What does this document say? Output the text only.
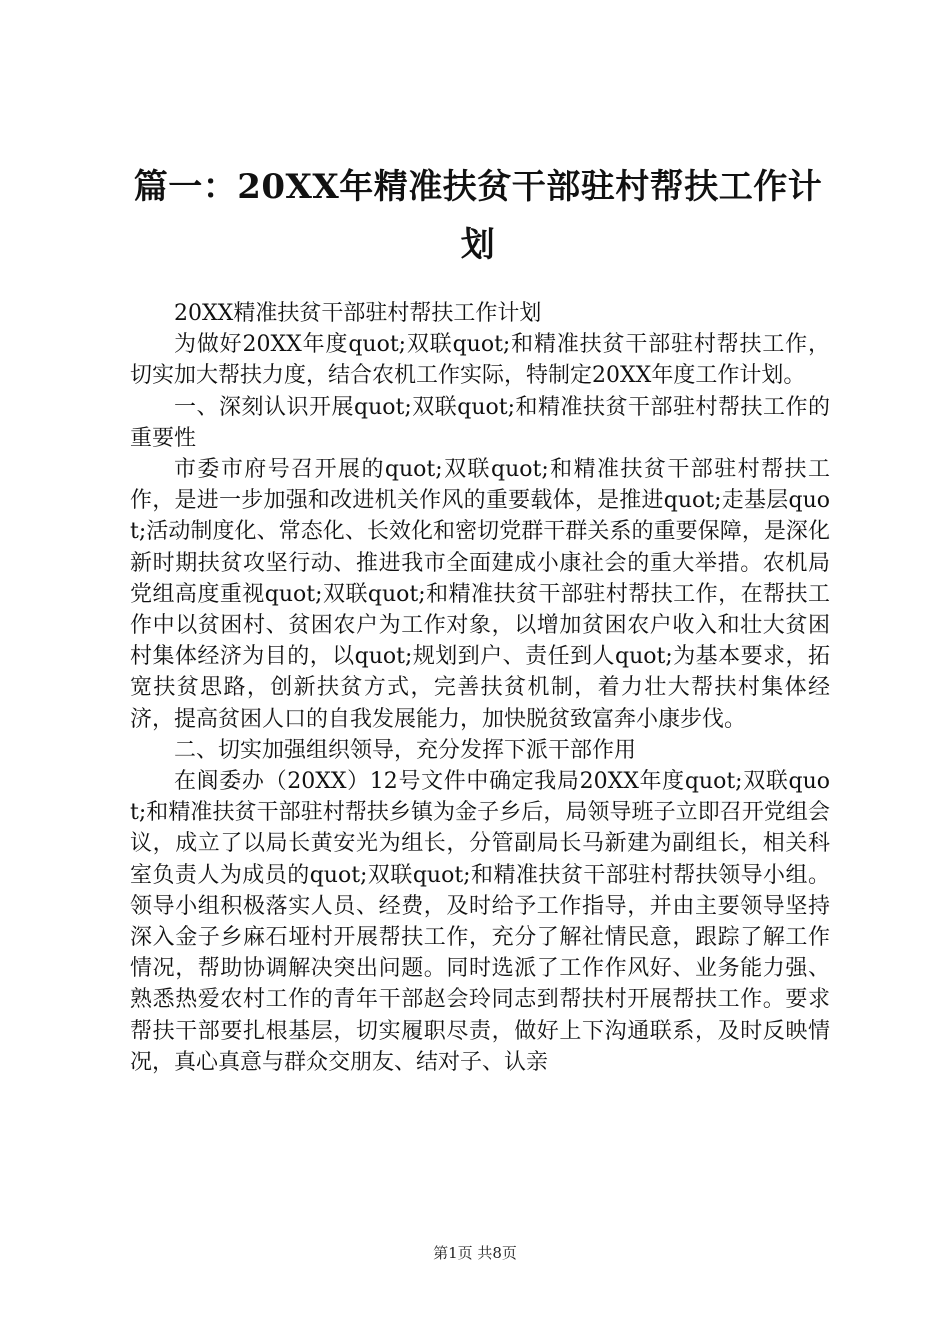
篇一：20XX年精准扶贫干部驻村帮扶工作计划

20XX精准扶贫干部驻村帮扶工作计划

为做好20XX年度quot;双联quot;和精准扶贫干部驻村帮扶工作，切实加大帮扶力度，结合农机工作实际，特制定20XX年度工作计划。

一、深刻认识开展quot;双联quot;和精准扶贫干部驻村帮扶工作的重要性

市委市府号召开展的quot;双联quot;和精准扶贫干部驻村帮扶工作，是进一步加强和改进机关作风的重要载体，是推进quot;走基层quot;活动制度化、常态化、长效化和密切党群干群关系的重要保障，是深化新时期扶贫攻坚行动、推进我市全面建成小康社会的重大举措。农机局党组高度重视quot;双联quot;和精准扶贫干部驻村帮扶工作，在帮扶工作中以贫困村、贫困农户为工作对象，以增加贫困农户收入和壮大贫困村集体经济为目的，以quot;规划到户、责任到人quot;为基本要求，拓宽扶贫思路，创新扶贫方式，完善扶贫机制，着力壮大帮扶村集体经济，提高贫困人口的自我发展能力，加快脱贫致富奔小康步伐。

二、切实加强组织领导，充分发挥下派干部作用

在阆委办（20XX）12号文件中确定我局20XX年度quot;双联quot;和精准扶贫干部驻村帮扶乡镇为金子乡后，局领导班子立即召开党组会议，成立了以局长黄安光为组长，分管副局长马新建为副组长，相关科室负责人为成员的quot;双联quot;和精准扶贫干部驻村帮扶领导小组。领导小组积极落实人员、经费，及时给予工作指导，并由主要领导坚持深入金子乡麻石垭村开展帮扶工作，充分了解社情民意，跟踪了解工作情况，帮助协调解决突出问题。同时选派了工作作风好、业务能力强、熟悉热爱农村工作的青年干部赵会玲同志到帮扶村开展帮扶工作。要求帮扶干部要扎根基层，切实履职尽责，做好上下沟通联系，及时反映情况，真心真意与群众交朋友、结对子、认亲

第1页 共8页
